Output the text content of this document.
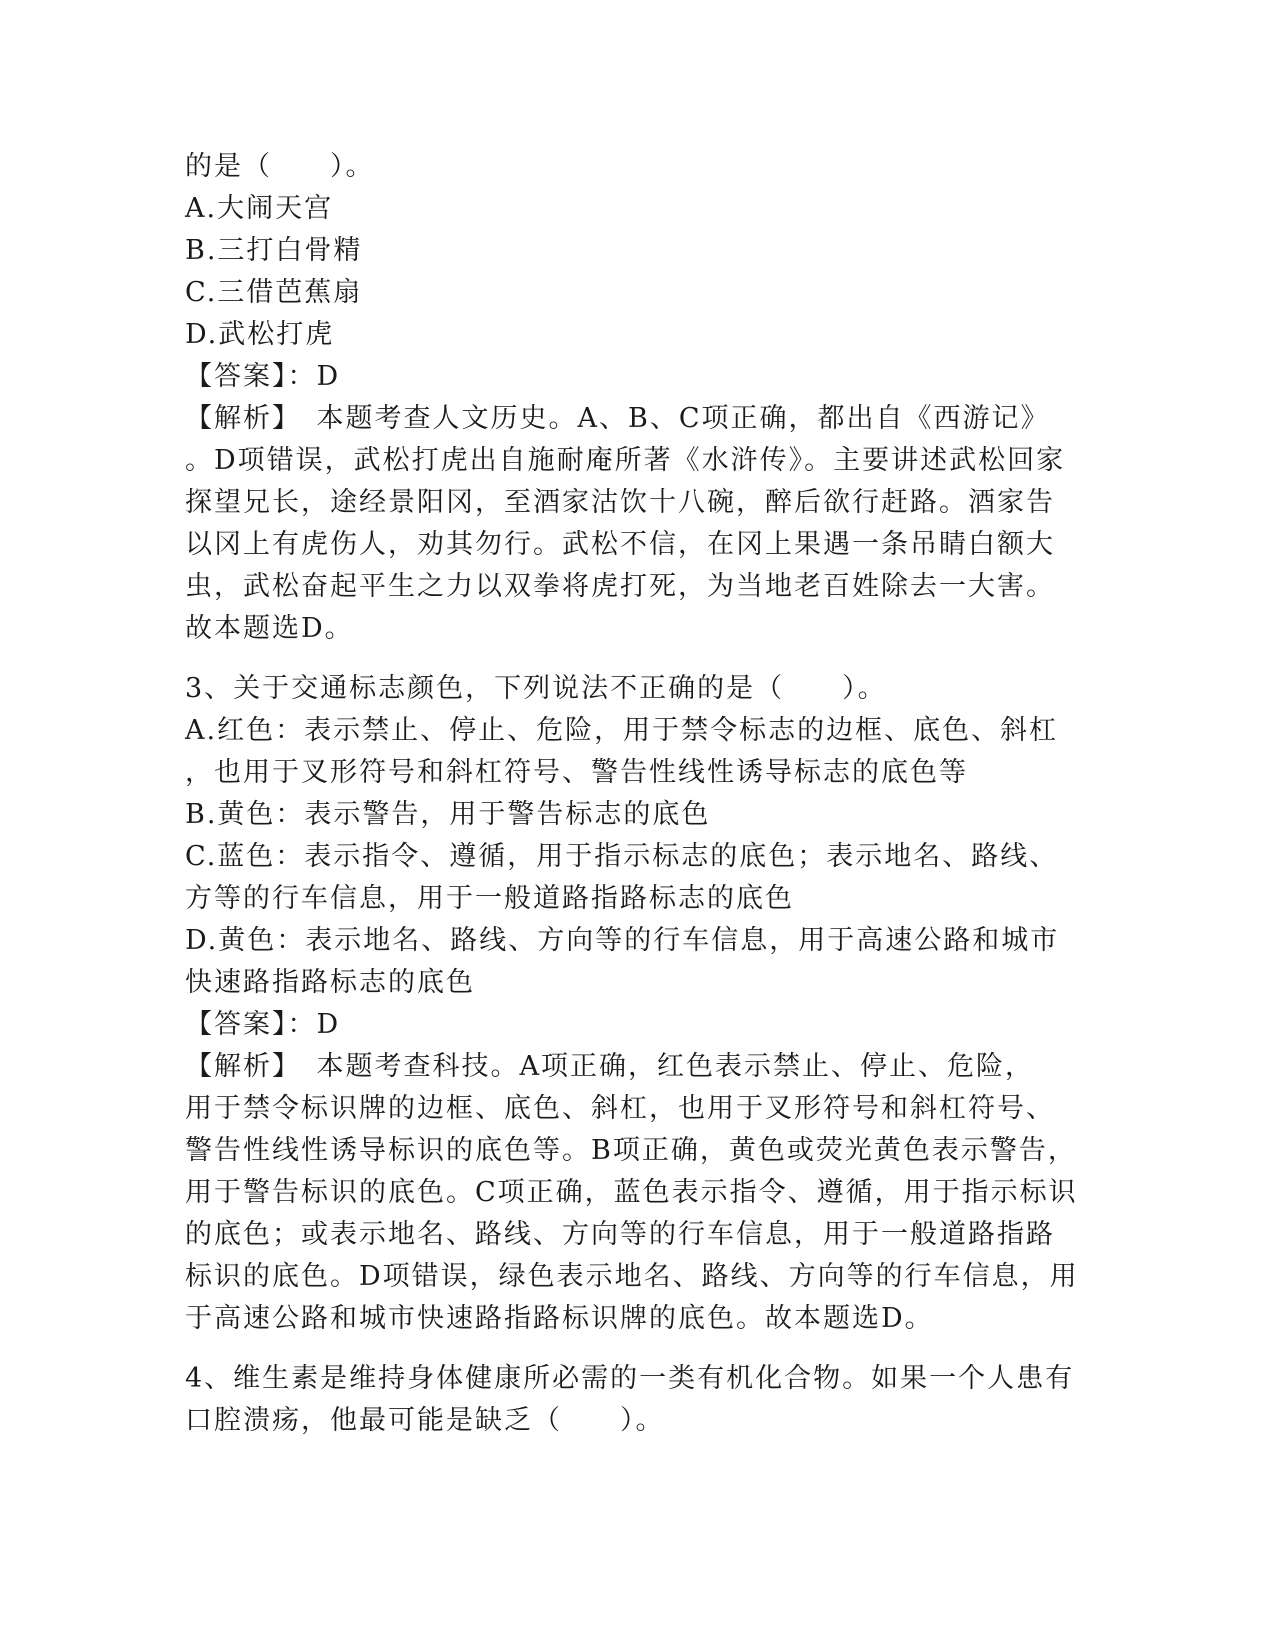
的是（　　）。
A.大闹天宫
B.三打白骨精
C.三借芭蕉扇
D.武松打虎
【答案】：D
【解析】　本题考查人文历史。A、B、C项正确，都出自《西游记》
。D项错误，武松打虎出自施耐庵所著《水浒传》。主要讲述武松回家
探望兄长，途经景阳冈，至酒家沽饮十八碗，醉后欲行赶路。酒家告
以冈上有虎伤人，劝其勿行。武松不信，在冈上果遇一条吊睛白额大
虫，武松奋起平生之力以双拳将虎打死，为当地老百姓除去一大害。
故本题选D。
3、关于交通标志颜色，下列说法不正确的是（　　）。
A.红色：表示禁止、停止、危险，用于禁令标志的边框、底色、斜杠
，也用于叉形符号和斜杠符号、警告性线性诱导标志的底色等
B.黄色：表示警告，用于警告标志的底色
C.蓝色：表示指令、遵循，用于指示标志的底色；表示地名、路线、
方等的行车信息，用于一般道路指路标志的底色
D.黄色：表示地名、路线、方向等的行车信息，用于高速公路和城市
快速路指路标志的底色
【答案】：D
【解析】　本题考查科技。A项正确，红色表示禁止、停止、危险，
用于禁令标识牌的边框、底色、斜杠，也用于叉形符号和斜杠符号、
警告性线性诱导标识的底色等。B项正确，黄色或荧光黄色表示警告，
用于警告标识的底色。C项正确，蓝色表示指令、遵循，用于指示标识
的底色；或表示地名、路线、方向等的行车信息，用于一般道路指路
标识的底色。D项错误，绿色表示地名、路线、方向等的行车信息，用
于高速公路和城市快速路指路标识牌的底色。故本题选D。
4、维生素是维持身体健康所必需的一类有机化合物。如果一个人患有
口腔溃疡，他最可能是缺乏（　　）。
